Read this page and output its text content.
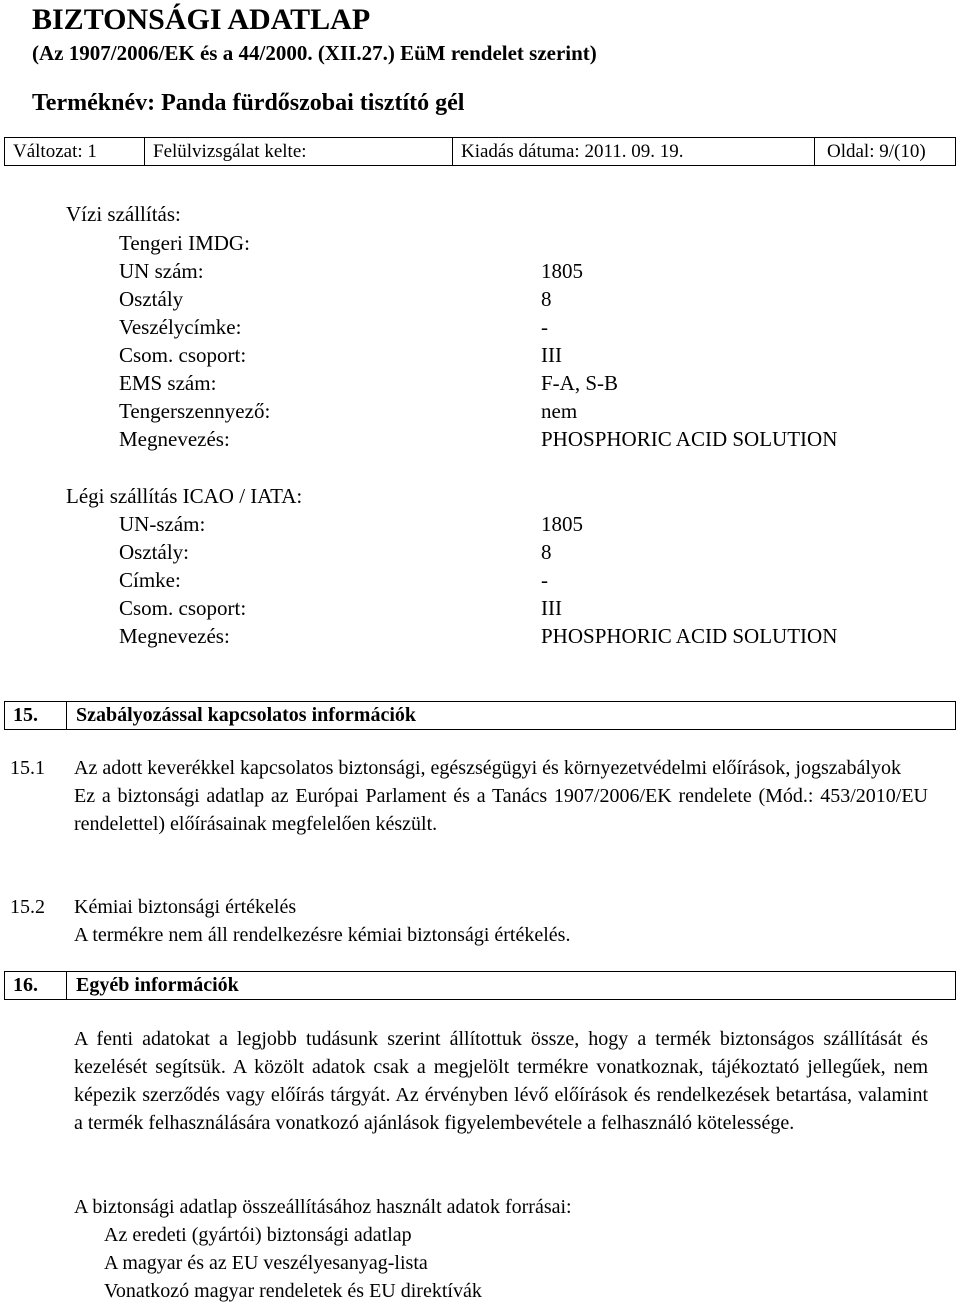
BIZTONSÁGI ADATLAP
(Az 1907/2006/EK és a 44/2000. (XII.27.) EüM rendelet szerint)
Terméknév: Panda fürdőszobai tisztító gél
Változat: 1	Felülvizsgálat kelte:	Kiadás dátuma: 2011. 09. 19.	Oldal: 9/(10)
Vízi szállítás:
Tengeri IMDG:
UN szám:	1805
Osztály	8
Veszélycímke:	-
Csom. csoport:	III
EMS szám:	F-A, S-B
Tengerszennyező:	nem
Megnevezés:	PHOSPHORIC ACID SOLUTION
Légi szállítás ICAO / IATA:
UN-szám:	1805
Osztály:	8
Címke:	-
Csom. csoport:	III
Megnevezés:	PHOSPHORIC ACID SOLUTION
15.	Szabályozással kapcsolatos információk
15.1 Az adott keverékkel kapcsolatos biztonsági, egészségügyi és környezetvédelmi előírások, jogszabályok

Ez a biztonsági adatlap az Európai Parlament és a Tanács 1907/2006/EK rendelete (Mód.: 453/2010/EU rendelettel) előírásainak megfelelően készült.

15.2 Kémiai biztonsági értékelés

A termékre nem áll rendelkezésre kémiai biztonsági értékelés.

16.	Egyéb információk

A fenti adatokat a legjobb tudásunk szerint állítottuk össze, hogy a termék biztonságos szállítását és kezelését segítsük. A közölt adatok csak a megjelölt termékre vonatkoznak, tájékoztató jellegűek, nem képezik szerződés vagy előírás tárgyát. Az érvényben lévő előírások és rendelkezések betartása, valamint a termék felhasználására vonatkozó ajánlások figyelembevétele a felhasználó kötelessége.

A biztonsági adatlap összeállításához használt adatok forrásai:
Az eredeti (gyártói) biztonsági adatlap
A magyar és az EU veszélyesanyag-lista
Vonatkozó magyar rendeletek és EU direktívák
